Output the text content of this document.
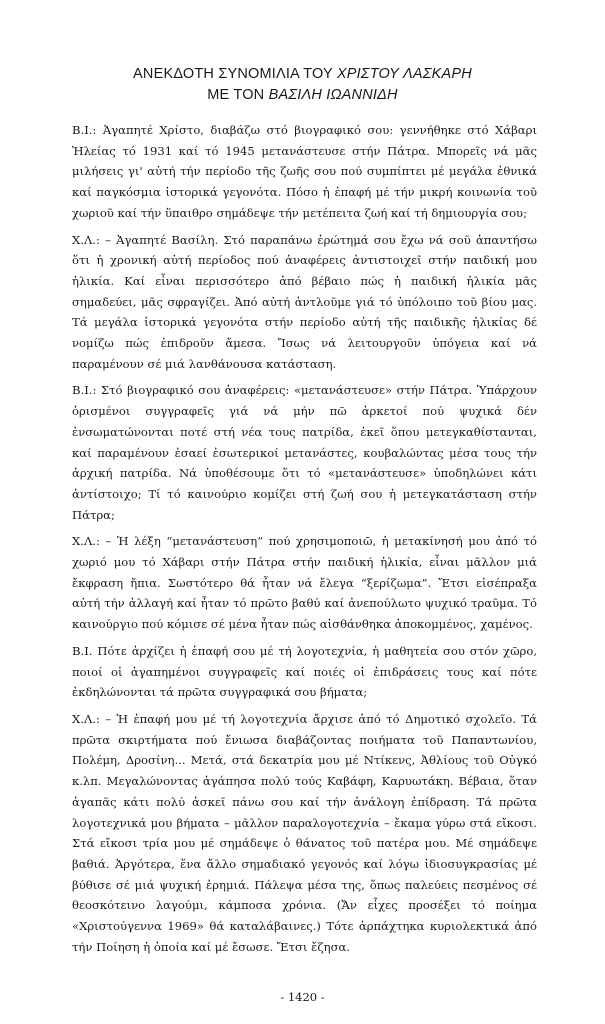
ΑΝΕΚΔΟΤΗ ΣΥΝΟΜΙΛΙΑ ΤΟΥ ΧΡΙΣΤΟΥ ΛΑΣΚΑΡΗ
ΜΕ ΤΟΝ ΒΑΣΙΛΗ ΙΩΑΝΝΙΔΗ

Β.Ι.: Ἀγαπητέ Χρίστο, διαβάζω στό βιογραφικό σου: γεννήθηκε στό Χάβαρι Ἠλείας τό 1931 καί τό 1945 μετανάστευσε στήν Πάτρα. Μπορεῖς νά μᾶς μιλήσεις γι' αὐτή τήν περίοδο τῆς ζωῆς σου πού συμπίπτει μέ μεγάλα ἐθνικά καί παγκόσμια ἱστορικά γεγονότα. Πόσο ἡ ἐπαφή μέ τήν μικρή κοινωνία τοῦ χωριοῦ καί τήν ὕπαιθρο σημάδεψε τήν μετέπειτα ζωή καί τή δημιουργία σου;

Χ.Λ.: – Ἀγαπητέ Βασίλη. Στό παραπάνω ἐρώτημά σου ἔχω νά σοῦ ἀπαντήσω ὅτι ἡ χρονική αὐτή περίοδος πού ἀναφέρεις ἀντιστοιχεῖ στήν παιδική μου ἡλικία. Καί εἶναι περισσότερο ἀπό βέβαιο πώς ἡ παιδική ἡλικία μᾶς σημαδεύει, μᾶς σφραγίζει. Ἀπό αὐτή ἀντλοῦμε γιά τό ὑπόλοιπο τοῦ βίου μας. Τά μεγάλα ἱστορικά γεγονότα στήν περίοδο αὐτή τῆς παιδικῆς ἡλικίας δέ νομίζω πώς ἐπιδροῦν ἄμεσα. Ἴσως νά λειτουργοῦν ὑπόγεια καί νά παραμένουν σέ μιά λανθάνουσα κατάσταση.

Β.Ι.: Στό βιογραφικό σου ἀναφέρεις: «μετανάστευσε» στήν Πάτρα. Ὑπάρχουν ὁρισμένοι συγγραφεῖς γιά νά μήν πῶ ἀρκετοί πού ψυχικά δέν ἐνσωματώνονται ποτέ στή νέα τους πατρίδα, ἐκεῖ ὅπου μετεγκαθίστανται, καί παραμένουν ἐσαεί ἐσωτερικοί μετανάστες, κουβαλώντας μέσα τους τήν ἀρχική πατρίδα. Νά ὑποθέσουμε ὅτι τό «μετανάστευσε» ὑποδηλώνει κάτι ἀντίστοιχο; Τί τό καινούριο κομίζει στή ζωή σου ἡ μετεγκατάσταση στήν Πάτρα;

Χ.Λ.: – Ἡ λέξη “μετανάστευση” πού χρησιμοποιῶ, ἡ μετακίνησή μου ἀπό τό χωριό μου τό Χάβαρι στήν Πάτρα στήν παιδική ἡλικία, εἶναι μᾶλλον μιά ἔκφραση ἤπια. Σωστότερο θά ἦταν νά ἔλεγα “ξερίζωμα”. Ἔτσι εἰσέπραξα αὐτή τήν ἀλλαγή καί ἦταν τό πρῶτο βαθύ καί ἀνεπούλωτο ψυχικό τραῦμα. Τό καινούργιο πού κόμισε σέ μένα ἦταν πώς αἰσθάνθηκα ἀποκομμένος, χαμένος.

Β.Ι. Πότε ἀρχίζει ἡ ἐπαφή σου μέ τή λογοτεχνία, ἡ μαθητεία σου στόν χῶρο, ποιοί οἱ ἀγαπημένοι συγγραφεῖς καί ποιές οἱ ἐπιδράσεις τους καί πότε ἐκδηλώνονται τά πρῶτα συγγραφικά σου βήματα;

Χ.Λ.: – Ἡ ἐπαφή μου μέ τή λογοτεχνία ἄρχισε ἀπό τό Δημοτικό σχολεῖο. Τά πρῶτα σκιρτήματα πού ἔνιωσα διαβάζοντας ποιήματα τοῦ Παπαντωνίου, Πολέμη, Δροσίνη... Μετά, στά δεκατρία μου μέ Ντίκενς, Ἀθλίους τοῦ Οὐγκό κ.λπ. Μεγαλώνοντας ἀγάπησα πολύ τούς Καβάφη, Καρυωτάκη. Βέβαια, ὅταν ἀγαπᾶς κάτι πολύ ἀσκεῖ πάνω σου καί τήν ἀνάλογη ἐπίδραση. Τά πρῶτα λογοτεχνικά μου βήματα – μᾶλλον παραλογοτεχνία – ἔκαμα γύρω στά εἴκοσι. Στά εἴκοσι τρία μου μέ σημάδεψε ὁ θάνατος τοῦ πατέρα μου. Μέ σημάδεψε βαθιά. Ἀργότερα, ἕνα ἄλλο σημαδιακό γεγονός καί λόγω ἰδιοσυγκρασίας μέ βύθισε σέ μιά ψυχική ἐρημιά. Πάλεψα μέσα της, ὅπως παλεύεις πεσμένος σέ θεοσκότεινο λαγούμι, κάμποσα χρόνια. (Ἄν εἶχες προσέξει τό ποίημα «Χριστούγεννα 1969» θά καταλάβαινες.) Τότε ἁρπάχτηκα κυριολεκτικά ἀπό τήν Ποίηση ἡ ὁποία καί μέ ἔσωσε. Ἔτσι ἔζησα.

- 1420 -
